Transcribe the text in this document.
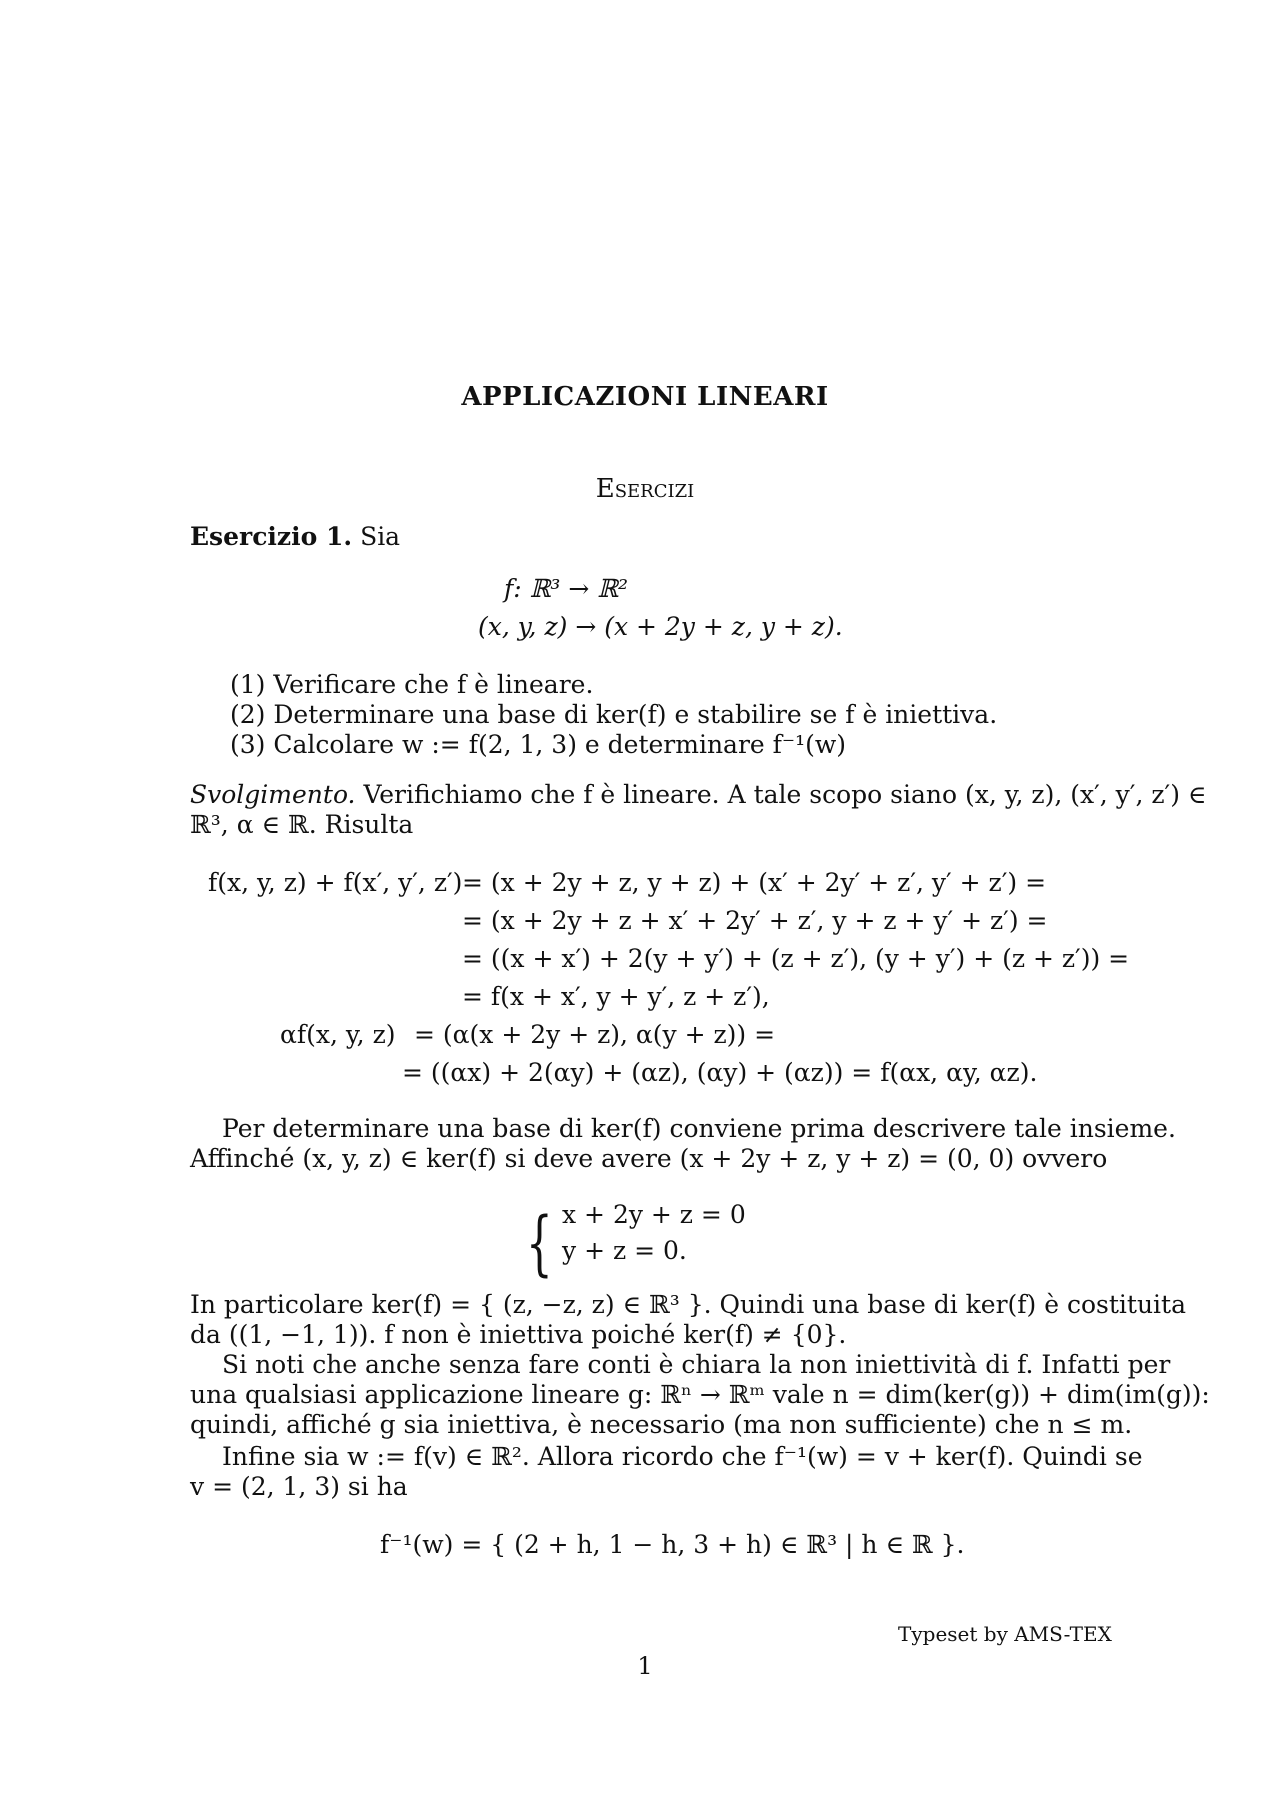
APPLICAZIONI LINEARI
Esercizi
Esercizio 1. Sia
f: ℝ³ → ℝ²
(x, y, z) → (x + 2y + z, y + z).
(1) Verificare che f è lineare.
(2) Determinare una base di ker(f) e stabilire se f è iniettiva.
(3) Calcolare w := f(2, 1, 3) e determinare f⁻¹(w)
Svolgimento. Verifichiamo che f è lineare. A tale scopo siano (x, y, z), (x′, y′, z′) ∈
ℝ³, α ∈ ℝ. Risulta
f(x, y, z) + f(x′, y′, z′) = (x + 2y + z, y + z) + (x′ + 2y′ + z′, y′ + z′) =
= (x + 2y + z + x′ + 2y′ + z′, y + z + y′ + z′) =
= ((x + x′) + 2(y + y′) + (z + z′), (y + y′) + (z + z′)) =
= f(x + x′, y + y′, z + z′),
αf(x, y, z) = (α(x + 2y + z), α(y + z)) =
= ((αx) + 2(αy) + (αz), (αy) + (αz)) = f(αx, αy, αz).
Per determinare una base di ker(f) conviene prima descrivere tale insieme.
Affinché (x, y, z) ∈ ker(f) si deve avere (x + 2y + z, y + z) = (0, 0) ovvero
{ x + 2y + z = 0
y + z = 0.
In particolare ker(f) = { (z, −z, z) ∈ ℝ³ }. Quindi una base di ker(f) è costituita
da ((1, −1, 1)). f non è iniettiva poiché ker(f) ≠ {0}.
Si noti che anche senza fare conti è chiara la non iniettività di f. Infatti per
una qualsiasi applicazione lineare g: ℝⁿ → ℝᵐ vale n = dim(ker(g)) + dim(im(g)):
quindi, affiché g sia iniettiva, è necessario (ma non sufficiente) che n ≤ m.
Infine sia w := f(v) ∈ ℝ². Allora ricordo che f⁻¹(w) = v + ker(f). Quindi se
v = (2, 1, 3) si ha
f⁻¹(w) = { (2 + h, 1 − h, 3 + h) ∈ ℝ³ | h ∈ ℝ }.
Typeset by AMS-TEX
1
